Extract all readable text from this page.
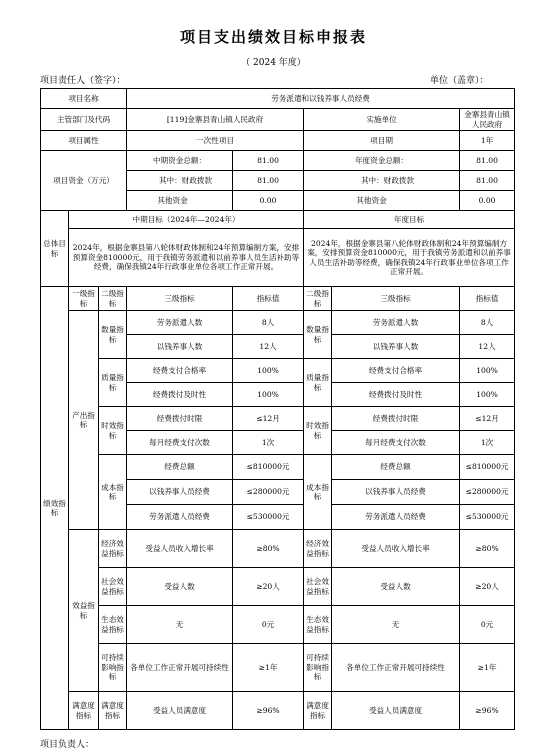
项目支出绩效目标申报表
（ 2024 年度）
项目责任人（签字）：	单位（盖章）：
项目名称			劳务派遣和以钱养事人员经费				
主管部门及代码			[119]金寨县青山镇人民政府		实施单位		金寨县青山镇人民政府
项目属性			一次性项目		项目期		1年
项目资金（万元）			中期资金总额：	81.00	年度资金总额：		81.00
			其中：财政拨款	81.00	其中：财政拨款		81.00
			其他资金	0.00	其他资金		0.00
总体目标	中期目标（2024年—2024年）				年度目标		
	2024年，根据金寨县第八轮体财政体制和24年预算编制方案，安排预算资金810000元，用于我镇劳务派遣和以前养事人员生活补助等经费，确保我镇24年行政事业单位各项工作正常开展。				2024年，根据金寨县第八轮体财政体制和24年预算编制方案，安排预算资金810000元，用于我镇劳务派遣和以前养事人员生活补助等经费，确保我镇24年行政事业单位各项工作正常开展。		
绩效指标	一级指标	二级指标	三级指标	指标值	二级指标	三级指标	指标值
	产出指标	数量指标	劳务派遣人数	8人	数量指标	劳务派遣人数	8人
			以钱养事人数	12人		以钱养事人数	12人
		质量指标	经费支付合格率	100%	质量指标	经费支付合格率	100%
			经费拨付及时性	100%		经费拨付及时性	100%
		时效指标	经费拨付时限	≤12月	时效指标	经费拨付时限	≤12月
			每月经费支付次数	1次		每月经费支付次数	1次
		成本指标	经费总额	≤810000元	成本指标	经费总额	≤810000元
			以钱养事人员经费	≤280000元		以钱养事人员经费	≤280000元
			劳务派遣人员经费	≤530000元		劳务派遣人员经费	≤530000元
	效益指标	经济效益指标	受益人员收入增长率	≥80%	经济效益指标	受益人员收入增长率	≥80%
		社会效益指标	受益人数	≥20人	社会效益指标	受益人数	≥20人
		生态效益指标	无	0元	生态效益指标	无	0元
		可持续影响指标	各单位工作正常开展可持续性	≥1年	可持续影响指标	各单位工作正常开展可持续性	≥1年
	满意度指标	满意度指标	受益人员满意度	≥96%	满意度指标	受益人员满意度	≥96%
项目负责人：
